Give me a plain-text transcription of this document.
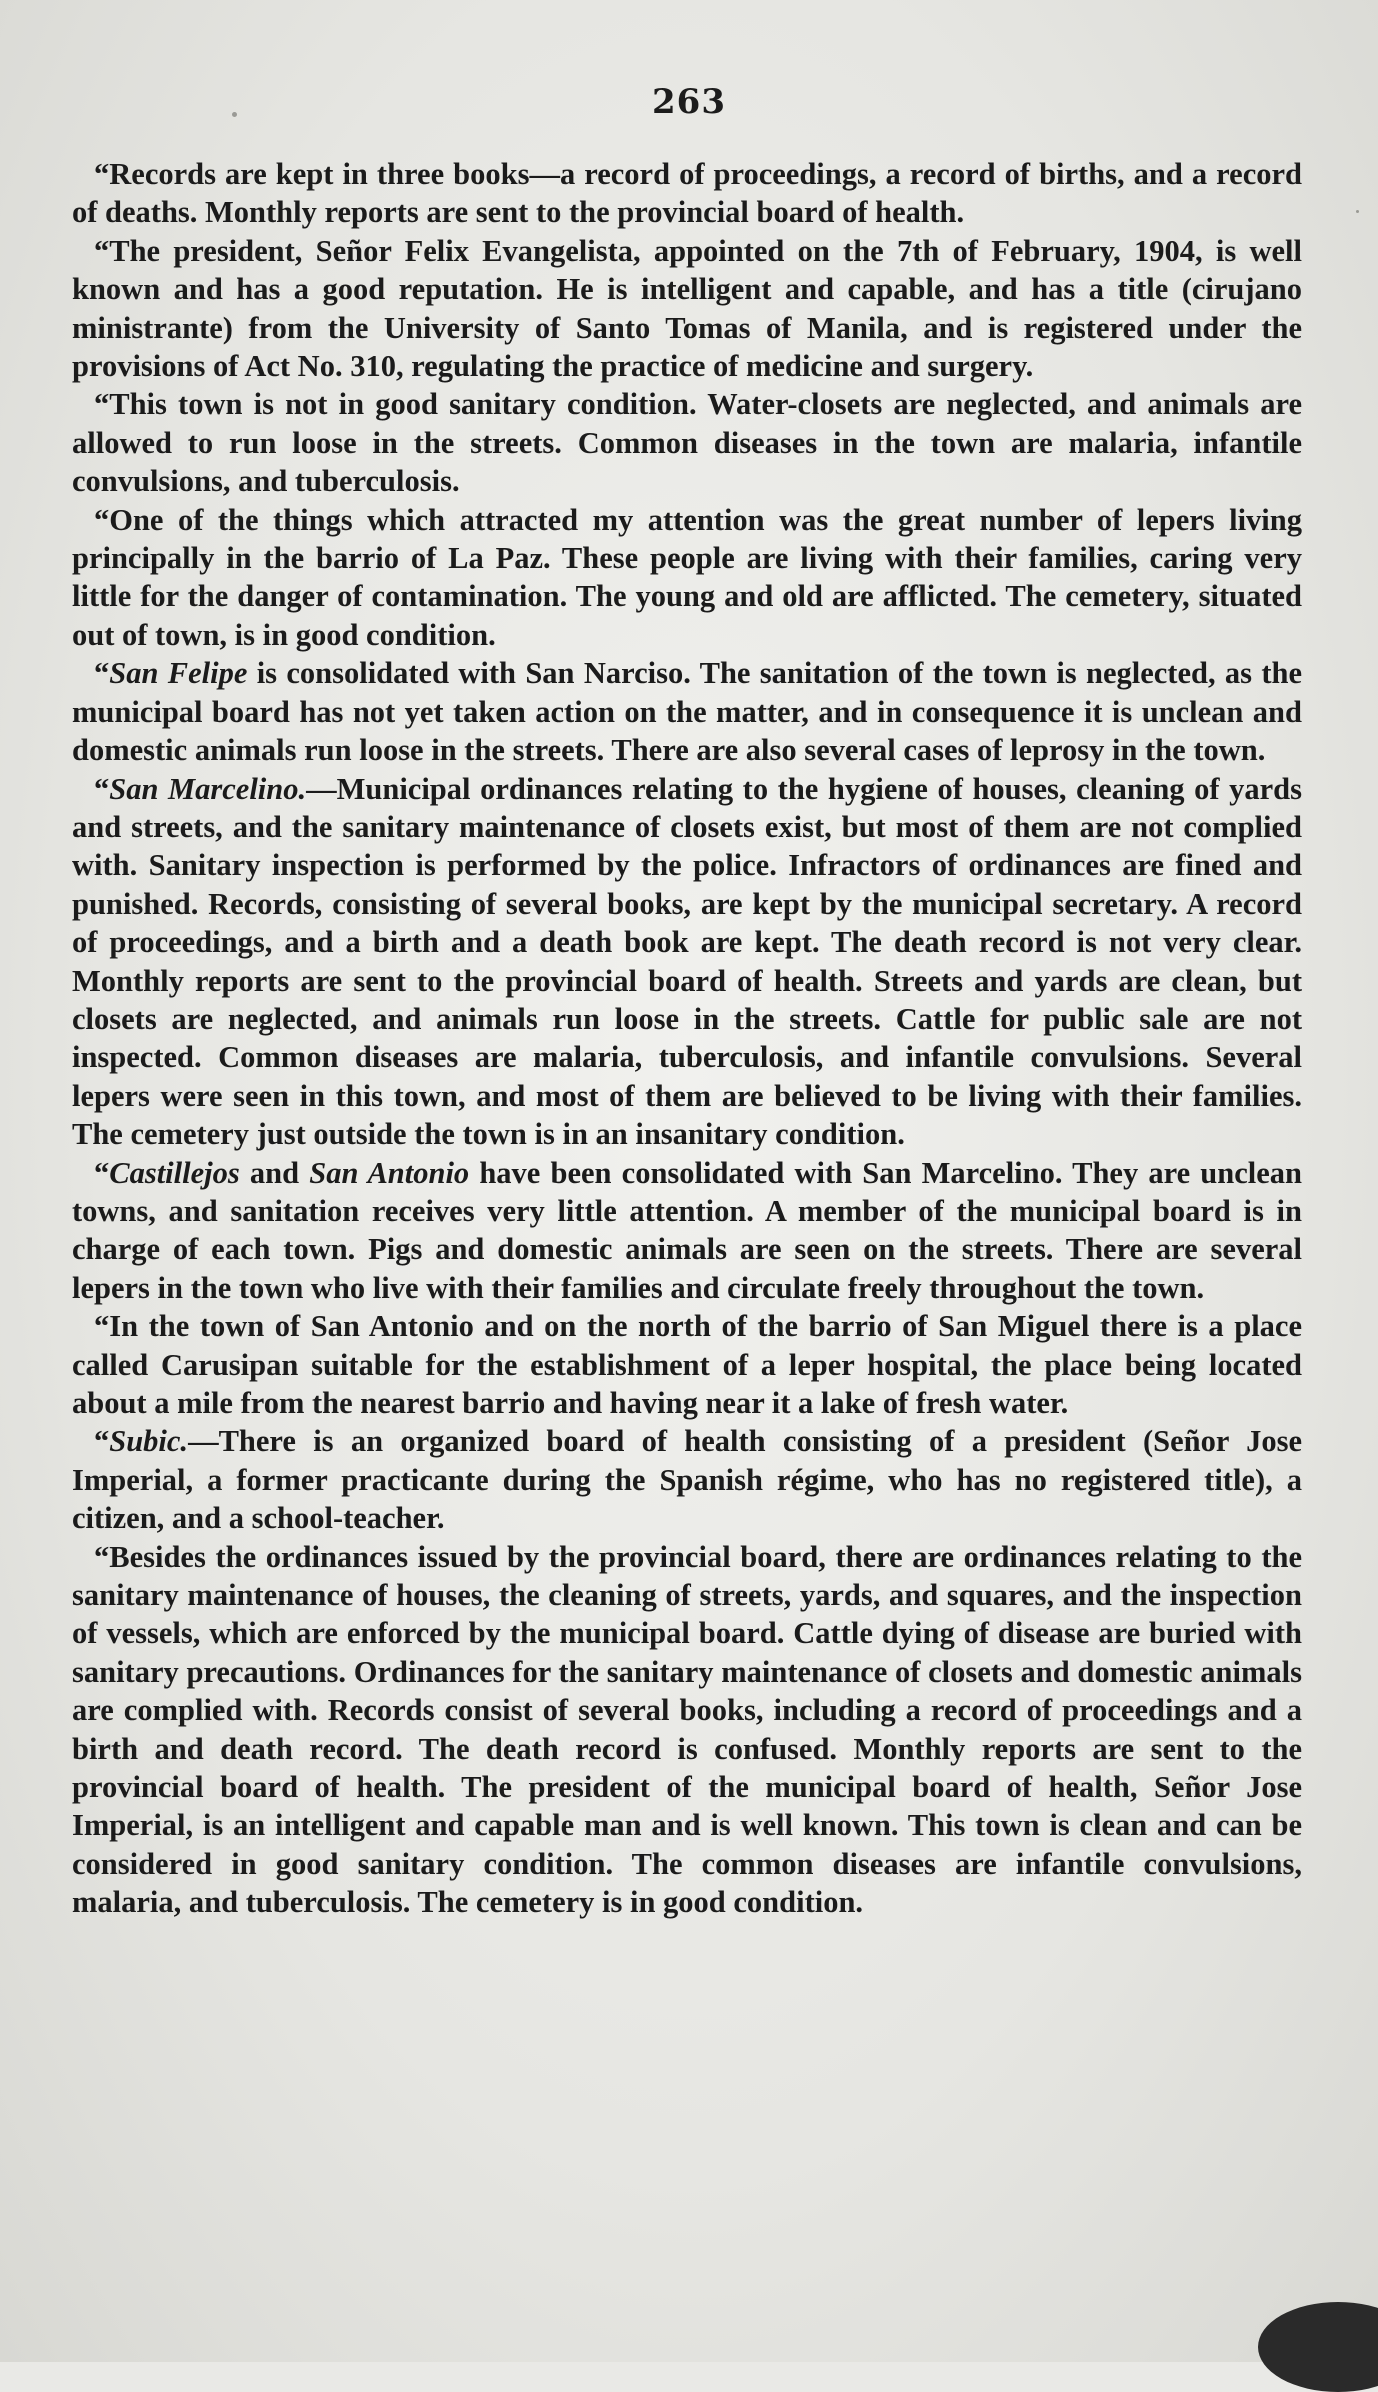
263

“Records are kept in three books—a record of proceedings, a record of births, and a record of deaths. Monthly reports are sent to the provincial board of health.

“The president, Señor Felix Evangelista, appointed on the 7th of February, 1904, is well known and has a good reputation. He is intelligent and capable, and has a title (cirujano ministrante) from the University of Santo Tomas of Manila, and is registered under the provisions of Act No. 310, regulating the practice of medicine and surgery.

“This town is not in good sanitary condition. Water-closets are neglected, and animals are allowed to run loose in the streets. Common diseases in the town are malaria, infantile convulsions, and tuberculosis.

“One of the things which attracted my attention was the great number of lepers living principally in the barrio of La Paz. These people are living with their families, caring very little for the danger of contamination. The young and old are afflicted. The cemetery, situated out of town, is in good condition.

“San Felipe is consolidated with San Narciso. The sanitation of the town is neglected, as the municipal board has not yet taken action on the matter, and in consequence it is unclean and domestic animals run loose in the streets. There are also several cases of leprosy in the town.

“San Marcelino.—Municipal ordinances relating to the hygiene of houses, cleaning of yards and streets, and the sanitary maintenance of closets exist, but most of them are not complied with. Sanitary inspection is performed by the police. Infractors of ordinances are fined and punished. Records, consisting of several books, are kept by the municipal secretary. A record of proceedings, and a birth and a death book are kept. The death record is not very clear. Monthly reports are sent to the provincial board of health. Streets and yards are clean, but closets are neglected, and animals run loose in the streets. Cattle for public sale are not inspected. Common diseases are malaria, tuberculosis, and infantile convulsions. Several lepers were seen in this town, and most of them are believed to be living with their families. The cemetery just outside the town is in an insanitary condition.

“Castillejos and San Antonio have been consolidated with San Marcelino. They are unclean towns, and sanitation receives very little attention. A member of the municipal board is in charge of each town. Pigs and domestic animals are seen on the streets. There are several lepers in the town who live with their families and circulate freely throughout the town.

“In the town of San Antonio and on the north of the barrio of San Miguel there is a place called Carusipan suitable for the establishment of a leper hospital, the place being located about a mile from the nearest barrio and having near it a lake of fresh water.

“Subic.—There is an organized board of health consisting of a president (Señor Jose Imperial, a former practicante during the Spanish régime, who has no registered title), a citizen, and a school-teacher.

“Besides the ordinances issued by the provincial board, there are ordinances relating to the sanitary maintenance of houses, the cleaning of streets, yards, and squares, and the inspection of vessels, which are enforced by the municipal board. Cattle dying of disease are buried with sanitary precautions. Ordinances for the sanitary maintenance of closets and domestic animals are complied with. Records consist of several books, including a record of proceedings and a birth and death record. The death record is confused. Monthly reports are sent to the provincial board of health. The president of the municipal board of health, Señor Jose Imperial, is an intelligent and capable man and is well known. This town is clean and can be considered in good sanitary condition. The common diseases are infantile convulsions, malaria, and tuberculosis. The cemetery is in good condition.
